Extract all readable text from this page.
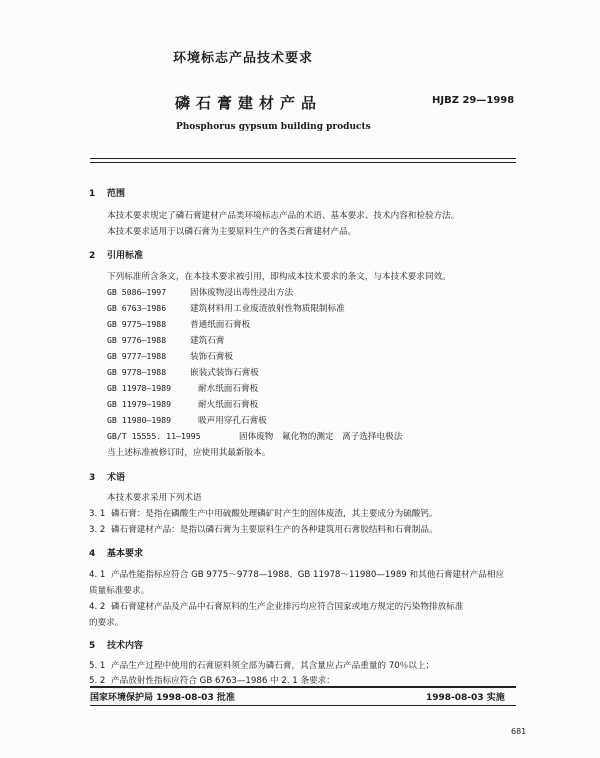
环境标志产品技术要求
磷石膏建材产品	HJBZ 29—1998
Phosphorus gypsum building products
1 范围
本技术要求规定了磷石膏建材产品类环境标志产品的术语、基本要求、技术内容和检验方法。
本技术要求适用于以磷石膏为主要原料生产的各类石膏建材产品。
2 引用标准
下列标准所含条文，在本技术要求被引用，即构成本技术要求的条文，与本技术要求同效。
GB 5086—1997	固体废物浸出毒性浸出方法
GB 6763—1986	建筑材料用工业废渣放射性物质限制标准
GB 9775—1988	普通纸面石膏板
GB 9776—1988	建筑石膏
GB 9777—1988	装饰石膏板
GB 9778—1988	嵌装式装饰石膏板
GB 11978—1989	耐水纸面石膏板
GB 11979—1989	耐火纸面石膏板
GB 11980—1989	吸声用穿孔石膏板
GB/T 15555. 11—1995	固体废物　氟化物的测定　离子选择电极法
当上述标准被修订时，应使用其最新版本。
3 术语
本技术要求采用下列术语
3. 1 磷石膏：是指在磷酸生产中用硫酸处理磷矿时产生的固体废渣，其主要成分为硫酸钙。
3. 2 磷石膏建材产品：是指以磷石膏为主要原料生产的各种建筑用石膏胶结料和石膏制品。
4 基本要求
4. 1 产品性能指标应符合 GB 9775～9778—1988、GB 11978～11980—1989 和其他石膏建材产品相应
质量标准要求。
4. 2 磷石膏建材产品及产品中石膏原料的生产企业排污均应符合国家或地方规定的污染物排放标准
的要求。
5 技术内容
5. 1 产品生产过程中使用的石膏原料须全部为磷石膏，其含量应占产品重量的 70％以上；
5. 2 产品放射性指标应符合 GB 6763—1986 中 2. 1 条要求：
国家环境保护局 1998-08-03 批准	1998-08-03 实施
681
